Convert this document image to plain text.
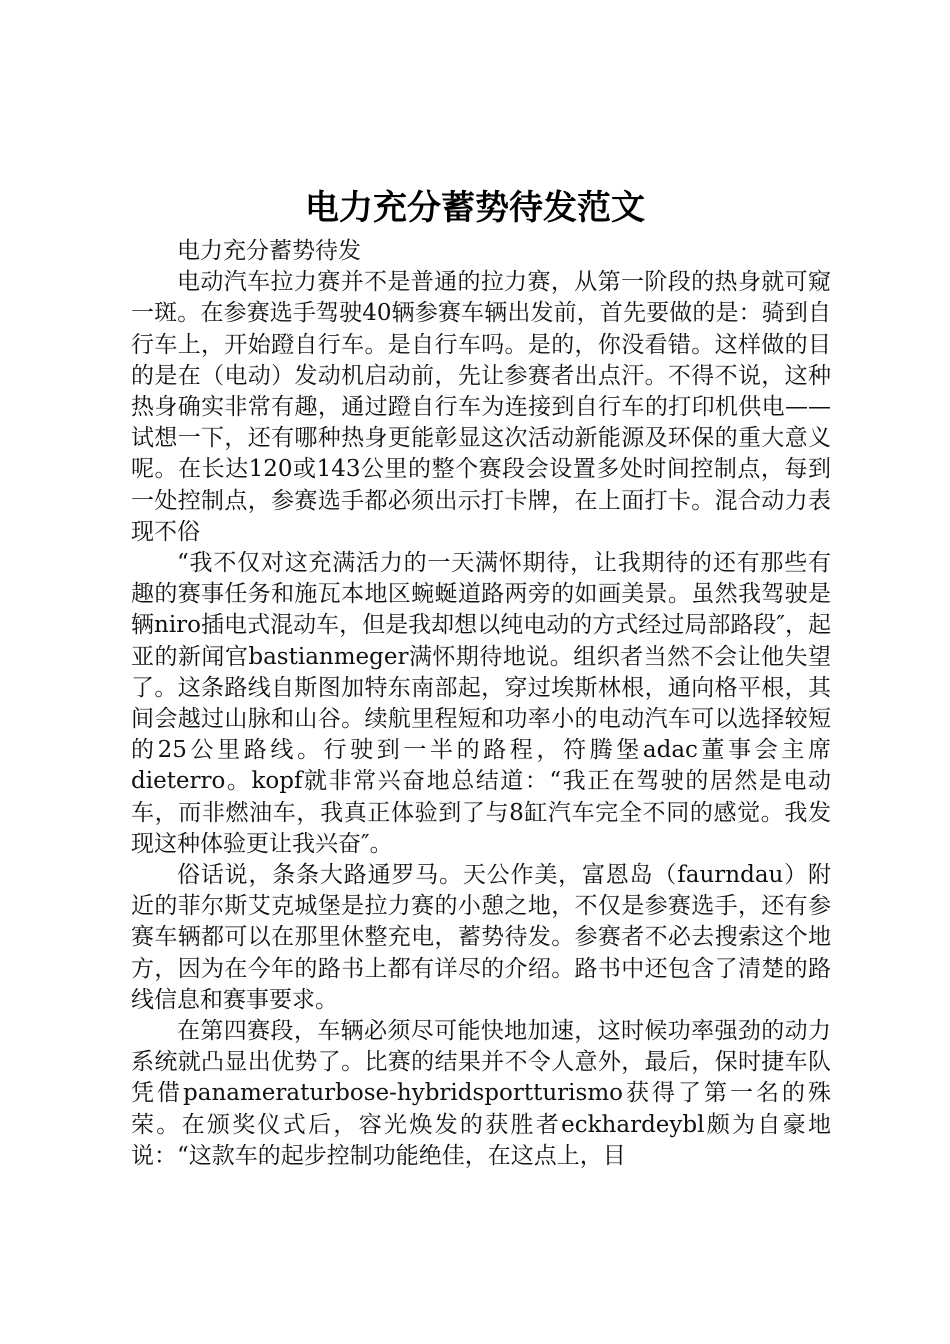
电力充分蓄势待发范文

电力充分蓄势待发

电动汽车拉力赛并不是普通的拉力赛，从第一阶段的热身就可窥一斑。在参赛选手驾驶40辆参赛车辆出发前，首先要做的是：骑到自行车上，开始蹬自行车。是自行车吗。是的，你没看错。这样做的目的是在（电动）发动机启动前，先让参赛者出点汗。不得不说，这种热身确实非常有趣，通过蹬自行车为连接到自行车的打印机供电——试想一下，还有哪种热身更能彰显这次活动新能源及环保的重大意义呢。在长达120或143公里的整个赛段会设置多处时间控制点，每到一处控制点，参赛选手都必须出示打卡牌，在上面打卡。混合动力表现不俗

“我不仅对这充满活力的一天满怀期待，让我期待的还有那些有趣的赛事任务和施瓦本地区蜿蜒道路两旁的如画美景。虽然我驾驶是辆niro插电式混动车，但是我却想以纯电动的方式经过局部路段″，起亚的新闻官bastianmeger满怀期待地说。组织者当然不会让他失望了。这条路线自斯图加特东南部起，穿过埃斯林根，通向格平根，其间会越过山脉和山谷。续航里程短和功率小的电动汽车可以选择较短的25公里路线。行驶到一半的路程，符腾堡adac董事会主席dieterro。kopf就非常兴奋地总结道：“我正在驾驶的居然是电动车，而非燃油车，我真正体验到了与8缸汽车完全不同的感觉。我发现这种体验更让我兴奋″。

俗话说，条条大路通罗马。天公作美，富恩岛（faurndau）附近的菲尔斯艾克城堡是拉力赛的小憩之地，不仅是参赛选手，还有参赛车辆都可以在那里休整充电，蓄势待发。参赛者不必去搜索这个地方，因为在今年的路书上都有详尽的介绍。路书中还包含了清楚的路线信息和赛事要求。

在第四赛段，车辆必须尽可能快地加速，这时候功率强劲的动力系统就凸显出优势了。比赛的结果并不令人意外，最后，保时捷车队凭借panameraturbose-hybridsportturismo获得了第一名的殊荣。在颁奖仪式后，容光焕发的获胜者eckhardeybl颇为自豪地说：“这款车的起步控制功能绝佳，在这点上，目
